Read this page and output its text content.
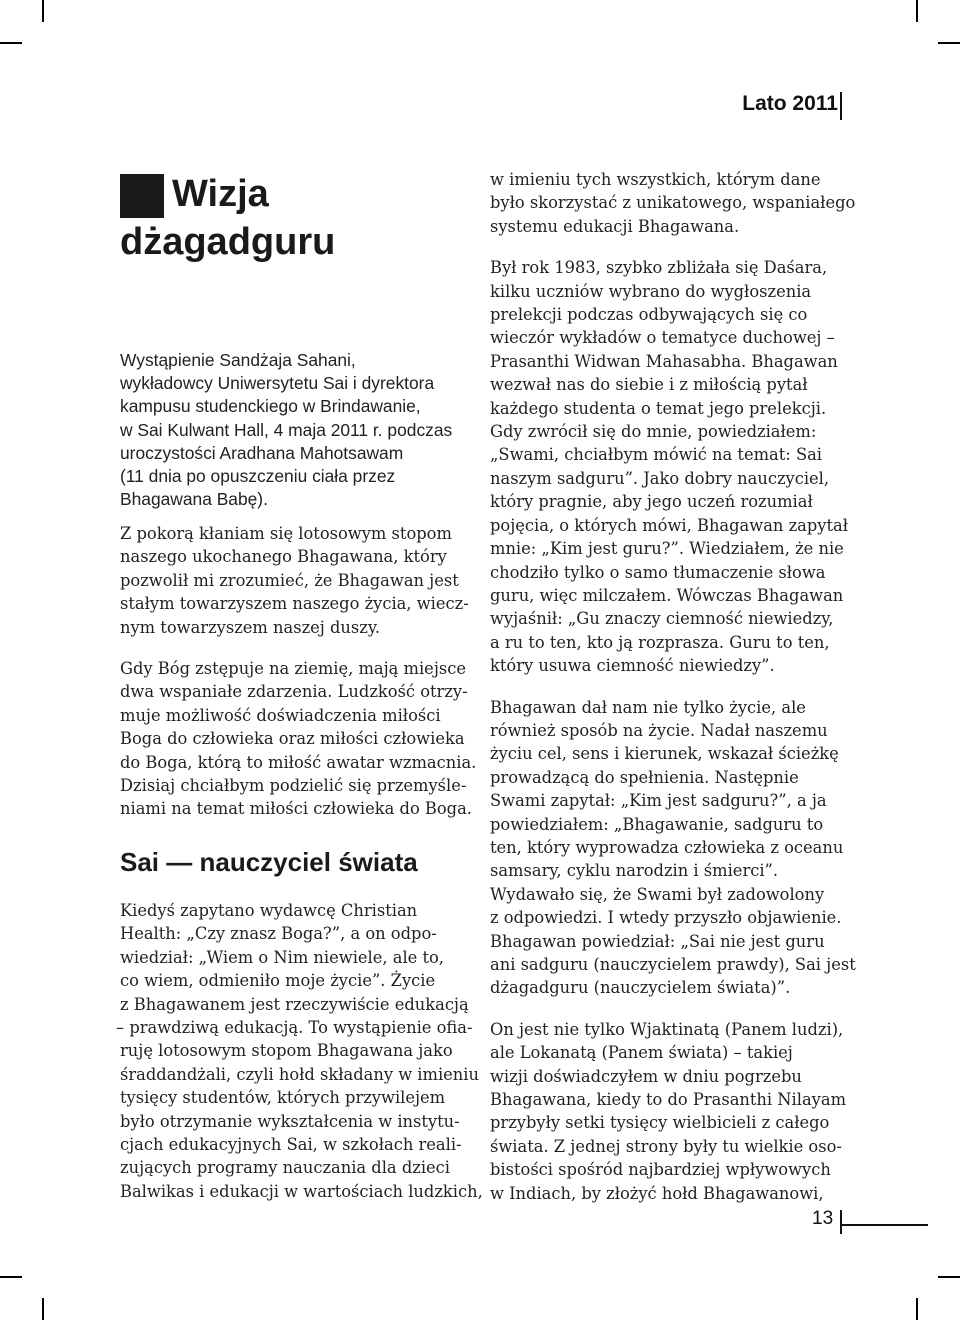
Lato 2011
Wizja
dżagadguru
Wystąpienie Sandżaja Sahani,
wykładowcy Uniwersytetu Sai i dyrektora
kampusu studenckiego w Brindawanie,
w Sai Kulwant Hall, 4 maja 2011 r. podczas
uroczystości Aradhana Mahotsawam
(11 dnia po opuszczeniu ciała przez
Bhagawana Babę).
Z pokorą kłaniam się lotosowym stopom
naszego ukochanego Bhagawana, który
pozwolił mi zrozumieć, że Bhagawan jest
stałym towarzyszem naszego życia, wiecz-
nym towarzyszem naszej duszy.
Gdy Bóg zstępuje na ziemię, mają miejsce
dwa wspaniałe zdarzenia. Ludzkość otrzy-
muje możliwość doświadczenia miłości
Boga do człowieka oraz miłości człowieka
do Boga, którą to miłość awatar wzmacnia.
Dzisiaj chciałbym podzielić się przemyśle-
niami na temat miłości człowieka do Boga.
Sai — nauczyciel świata
Kiedyś zapytano wydawcę Christian
Health: „Czy znasz Boga?”, a on odpo-
wiedział: „Wiem o Nim niewiele, ale to,
co wiem, odmieniło moje życie”. Życie
z Bhagawanem jest rzeczywiście edukacją
– prawdziwą edukacją. To wystąpienie ofia-
ruję lotosowym stopom Bhagawana jako
śraddandżali, czyli hołd składany w imieniu
tysięcy studentów, których przywilejem
było otrzymanie wykształcenia w instytu-
cjach edukacyjnych Sai, w szkołach reali-
zujących programy nauczania dla dzieci
Balwikas i edukacji w wartościach ludzkich,
w imieniu tych wszystkich, którym dane
było skorzystać z unikatowego, wspaniałego
systemu edukacji Bhagawana.
Był rok 1983, szybko zbliżała się Daśara,
kilku uczniów wybrano do wygłoszenia
prelekcji podczas odbywających się co
wieczór wykładów o tematyce duchowej –
Prasanthi Widwan Mahasabha. Bhagawan
wezwał nas do siebie i z miłością pytał
każdego studenta o temat jego prelekcji.
Gdy zwrócił się do mnie, powiedziałem:
„Swami, chciałbym mówić na temat: Sai
naszym sadguru”. Jako dobry nauczyciel,
który pragnie, aby jego uczeń rozumiał
pojęcia, o których mówi, Bhagawan zapytał
mnie: „Kim jest guru?”. Wiedziałem, że nie
chodziło tylko o samo tłumaczenie słowa
guru, więc milczałem. Wówczas Bhagawan
wyjaśnił: „Gu znaczy ciemność niewiedzy,
a ru to ten, kto ją rozprasza. Guru to ten,
który usuwa ciemność niewiedzy”.
Bhagawan dał nam nie tylko życie, ale
również sposób na życie. Nadał naszemu
życiu cel, sens i kierunek, wskazał ścieżkę
prowadzącą do spełnienia. Następnie
Swami zapytał: „Kim jest sadguru?”, a ja
powiedziałem: „Bhagawanie, sadguru to
ten, który wyprowadza człowieka z oceanu
samsary, cyklu narodzin i śmierci”.
Wydawało się, że Swami był zadowolony
z odpowiedzi. I wtedy przyszło objawienie.
Bhagawan powiedział: „Sai nie jest guru
ani sadguru (nauczycielem prawdy), Sai jest
dżagadguru (nauczycielem świata)”.
On jest nie tylko Wjaktinatą (Panem ludzi),
ale Lokanatą (Panem świata) – takiej
wizji doświadczyłem w dniu pogrzebu
Bhagawana, kiedy to do Prasanthi Nilayam
przybyły setki tysięcy wielbicieli z całego
świata. Z jednej strony były tu wielkie oso-
bistości spośród najbardziej wpływowych
w Indiach, by złożyć hołd Bhagawanowi,
13
